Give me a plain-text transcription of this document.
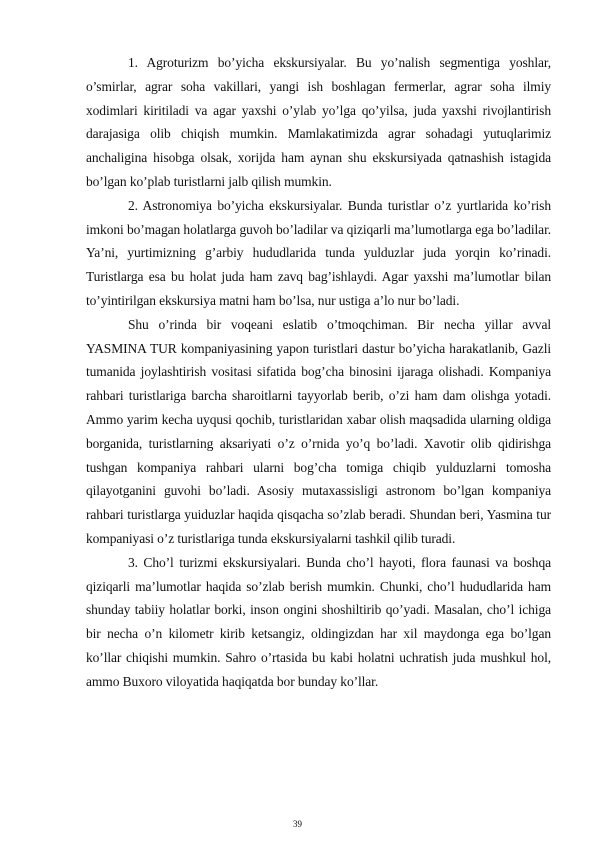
1. Agroturizm bo’yicha ekskursiyalar. Bu yo’nalish segmentiga yoshlar, o’smirlar, agrar soha vakillari, yangi ish boshlagan fermerlar, agrar soha ilmiy xodimlari kiritiladi va agar yaxshi o’ylab yo’lga qo’yilsa, juda yaxshi rivojlantirish darajasiga olib chiqish mumkin. Mamlakatimizda agrar sohadagi yutuqlarimiz anchaligina hisobga olsak, xorijda ham aynan shu ekskursiyada qatnashish istagida bo’lgan ko’plab turistlarni jalb qilish mumkin.

2. Astronomiya bo’yicha ekskursiyalar. Bunda turistlar o’z yurtlarida ko’rish imkoni bo’magan holatlarga guvoh bo’ladilar va qiziqarli ma’lumotlarga ega bo’ladilar. Ya’ni, yurtimizning g’arbiy hududlarida tunda yulduzlar juda yorqin ko’rinadi. Turistlarga esa bu holat juda ham zavq bag’ishlaydi. Agar yaxshi ma’lumotlar bilan to’yintirilgan ekskursiya matni ham bo’lsa, nur ustiga a’lo nur bo’ladi.

Shu o’rinda bir voqeani eslatib o’tmoqchiman. Bir necha yillar avval YASMINA TUR kompaniyasining yapon turistlari dastur bo’yicha harakatlanib, Gazli tumanida joylashtirish vositasi sifatida bog’cha binosini ijaraga olishadi. Kompaniya rahbari turistlariga barcha sharoitlarni tayyorlab berib, o’zi ham dam olishga yotadi. Ammo yarim kecha uyqusi qochib, turistlaridan xabar olish maqsadida ularning oldiga borganida, turistlarning aksariyati o’z o’rnida yo’q bo’ladi. Xavotir olib qidirishga tushgan kompaniya rahbari ularni bog’cha tomiga chiqib yulduzlarni tomosha qilayotganini guvohi bo’ladi. Asosiy mutaxassisligi astronom bo’lgan kompaniya rahbari turistlarga yuiduzlar haqida qisqacha so’zlab beradi. Shundan beri, Yasmina tur kompaniyasi o’z turistlariga tunda ekskursiyalarni tashkil qilib turadi.

3. Cho’l turizmi ekskursiyalari. Bunda cho’l hayoti, flora faunasi va boshqa qiziqarli ma’lumotlar haqida so’zlab berish mumkin. Chunki, cho’l hududlarida ham shunday tabiiy holatlar borki, inson ongini shoshiltirib qo’yadi. Masalan, cho’l ichiga bir necha o’n kilometr kirib ketsangiz, oldingizdan har xil maydonga ega bo’lgan ko’llar chiqishi mumkin. Sahro o’rtasida bu kabi holatni uchratish juda mushkul hol, ammo Buxoro viloyatida haqiqatda bor bunday ko’llar.

39
